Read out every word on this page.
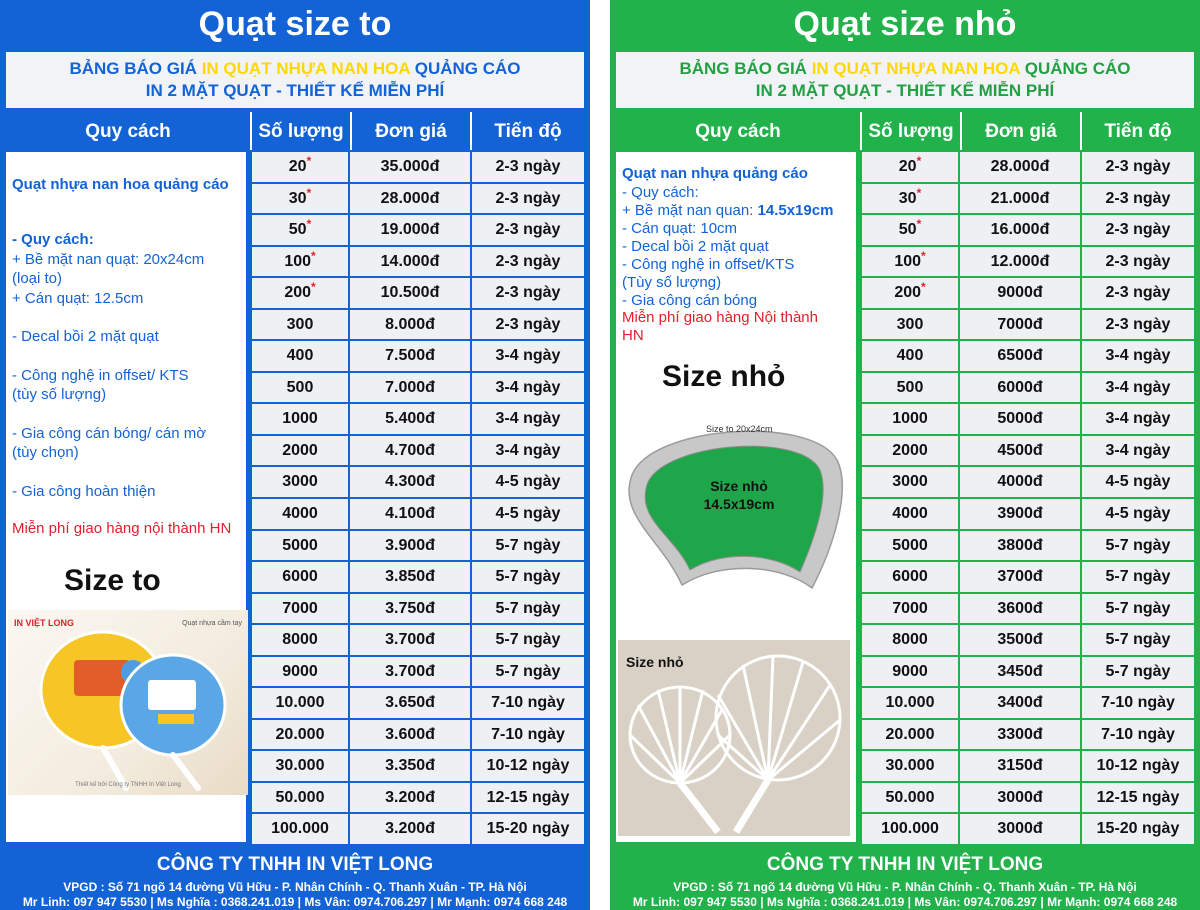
Quạt size to
BẢNG BÁO GIÁ IN QUẠT NHỰA NAN HOA QUẢNG CÁO
IN 2 MẶT QUẠT - THIẾT KẾ MIỄN PHÍ
Quy cách	Số lượng	Đơn giá	Tiến độ
Quạt nhựa nan hoa quảng cáo
- Quy cách:
+ Bề mặt nan quạt: 20x24cm
(loại to)
+ Cán quạt: 12.5cm
- Decal bồi 2 mặt quạt
- Công nghệ in offset/ KTS
(tùy số lượng)
- Gia công cán bóng/ cán mờ
(tùy chọn)
- Gia công hoàn thiện
Miễn phí giao hàng nội thành HN
Size to
IN VIỆT LONG	Quạt nhựa cầm tay
Thiết kế bởi Công ty TNHH In Việt Long
20*	35.000đ	2-3 ngày
30*	28.000đ	2-3 ngày
50*	19.000đ	2-3 ngày
100*	14.000đ	2-3 ngày
200*	10.500đ	2-3 ngày
300	8.000đ	2-3 ngày
400	7.500đ	3-4 ngày
500	7.000đ	3-4 ngày
1000	5.400đ	3-4 ngày
2000	4.700đ	3-4 ngày
3000	4.300đ	4-5 ngày
4000	4.100đ	4-5 ngày
5000	3.900đ	5-7 ngày
6000	3.850đ	5-7 ngày
7000	3.750đ	5-7 ngày
8000	3.700đ	5-7 ngày
9000	3.700đ	5-7 ngày
10.000	3.650đ	7-10 ngày
20.000	3.600đ	7-10 ngày
30.000	3.350đ	10-12 ngày
50.000	3.200đ	12-15 ngày
100.000	3.200đ	15-20 ngày
CÔNG TY TNHH IN VIỆT LONG
VPGD : Số 71 ngõ 14 đường Vũ Hữu - P. Nhân Chính - Q. Thanh Xuân - TP. Hà Nội
Mr Linh: 097 947 5530 | Ms Nghĩa : 0368.241.019 | Ms Vân: 0974.706.297 | Mr Mạnh: 0974 668 248
Quạt size nhỏ
BẢNG BÁO GIÁ IN QUẠT NHỰA NAN HOA QUẢNG CÁO
IN 2 MẶT QUẠT - THIẾT KẾ MIỄN PHÍ
Quy cách	Số lượng	Đơn giá	Tiến độ
Quạt nan nhựa quảng cáo
- Quy cách:
+ Bề mặt nan quan: 14.5x19cm
- Cán quạt: 10cm
- Decal bồi 2 mặt quạt
- Công nghệ in offset/KTS
(Tùy số lượng)
- Gia công cán bóng
Miễn phí giao hàng Nội thành
HN
Size nhỏ
Size to 20x24cm
Size nhỏ
14.5x19cm
Size nhỏ
20*	28.000đ	2-3 ngày
30*	21.000đ	2-3 ngày
50*	16.000đ	2-3 ngày
100*	12.000đ	2-3 ngày
200*	9000đ	2-3 ngày
300	7000đ	2-3 ngày
400	6500đ	3-4 ngày
500	6000đ	3-4 ngày
1000	5000đ	3-4 ngày
2000	4500đ	3-4 ngày
3000	4000đ	4-5 ngày
4000	3900đ	4-5 ngày
5000	3800đ	5-7 ngày
6000	3700đ	5-7 ngày
7000	3600đ	5-7 ngày
8000	3500đ	5-7 ngày
9000	3450đ	5-7 ngày
10.000	3400đ	7-10 ngày
20.000	3300đ	7-10 ngày
30.000	3150đ	10-12 ngày
50.000	3000đ	12-15 ngày
100.000	3000đ	15-20 ngày
CÔNG TY TNHH IN VIỆT LONG
VPGD : Số 71 ngõ 14 đường Vũ Hữu - P. Nhân Chính - Q. Thanh Xuân - TP. Hà Nội
Mr Linh: 097 947 5530 | Ms Nghĩa : 0368.241.019 | Ms Vân: 0974.706.297 | Mr Mạnh: 0974 668 248
